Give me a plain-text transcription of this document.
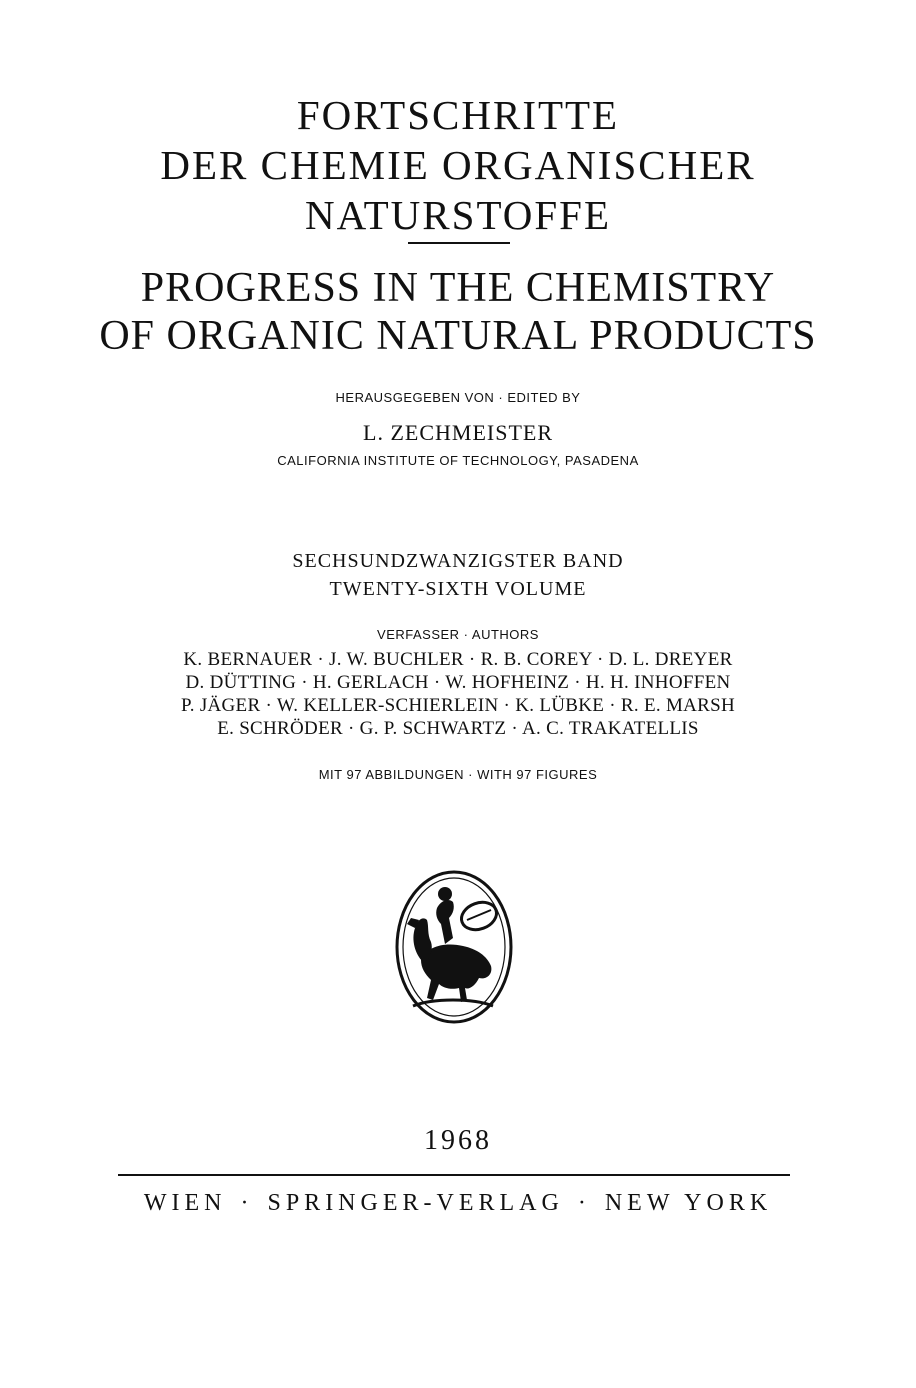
FORTSCHRITTE
DER CHEMIE ORGANISCHER
NATURSTOFFE
PROGRESS IN THE CHEMISTRY
OF ORGANIC NATURAL PRODUCTS
HERAUSGEGEBEN VON · EDITED BY
L. ZECHMEISTER
CALIFORNIA INSTITUTE OF TECHNOLOGY, PASADENA
SECHSUNDZWANZIGSTER BAND
TWENTY-SIXTH VOLUME
VERFASSER · AUTHORS
K. BERNAUER · J. W. BUCHLER · R. B. COREY · D. L. DREYER
D. DÜTTING · H. GERLACH · W. HOFHEINZ · H. H. INHOFFEN
P. JÄGER · W. KELLER-SCHIERLEIN · K. LÜBKE · R. E. MARSH
E. SCHRÖDER · G. P. SCHWARTZ · A. C. TRAKATELLIS
MIT 97 ABBILDUNGEN · WITH 97 FIGURES
1968
WIEN · SPRINGER-VERLAG · NEW YORK
